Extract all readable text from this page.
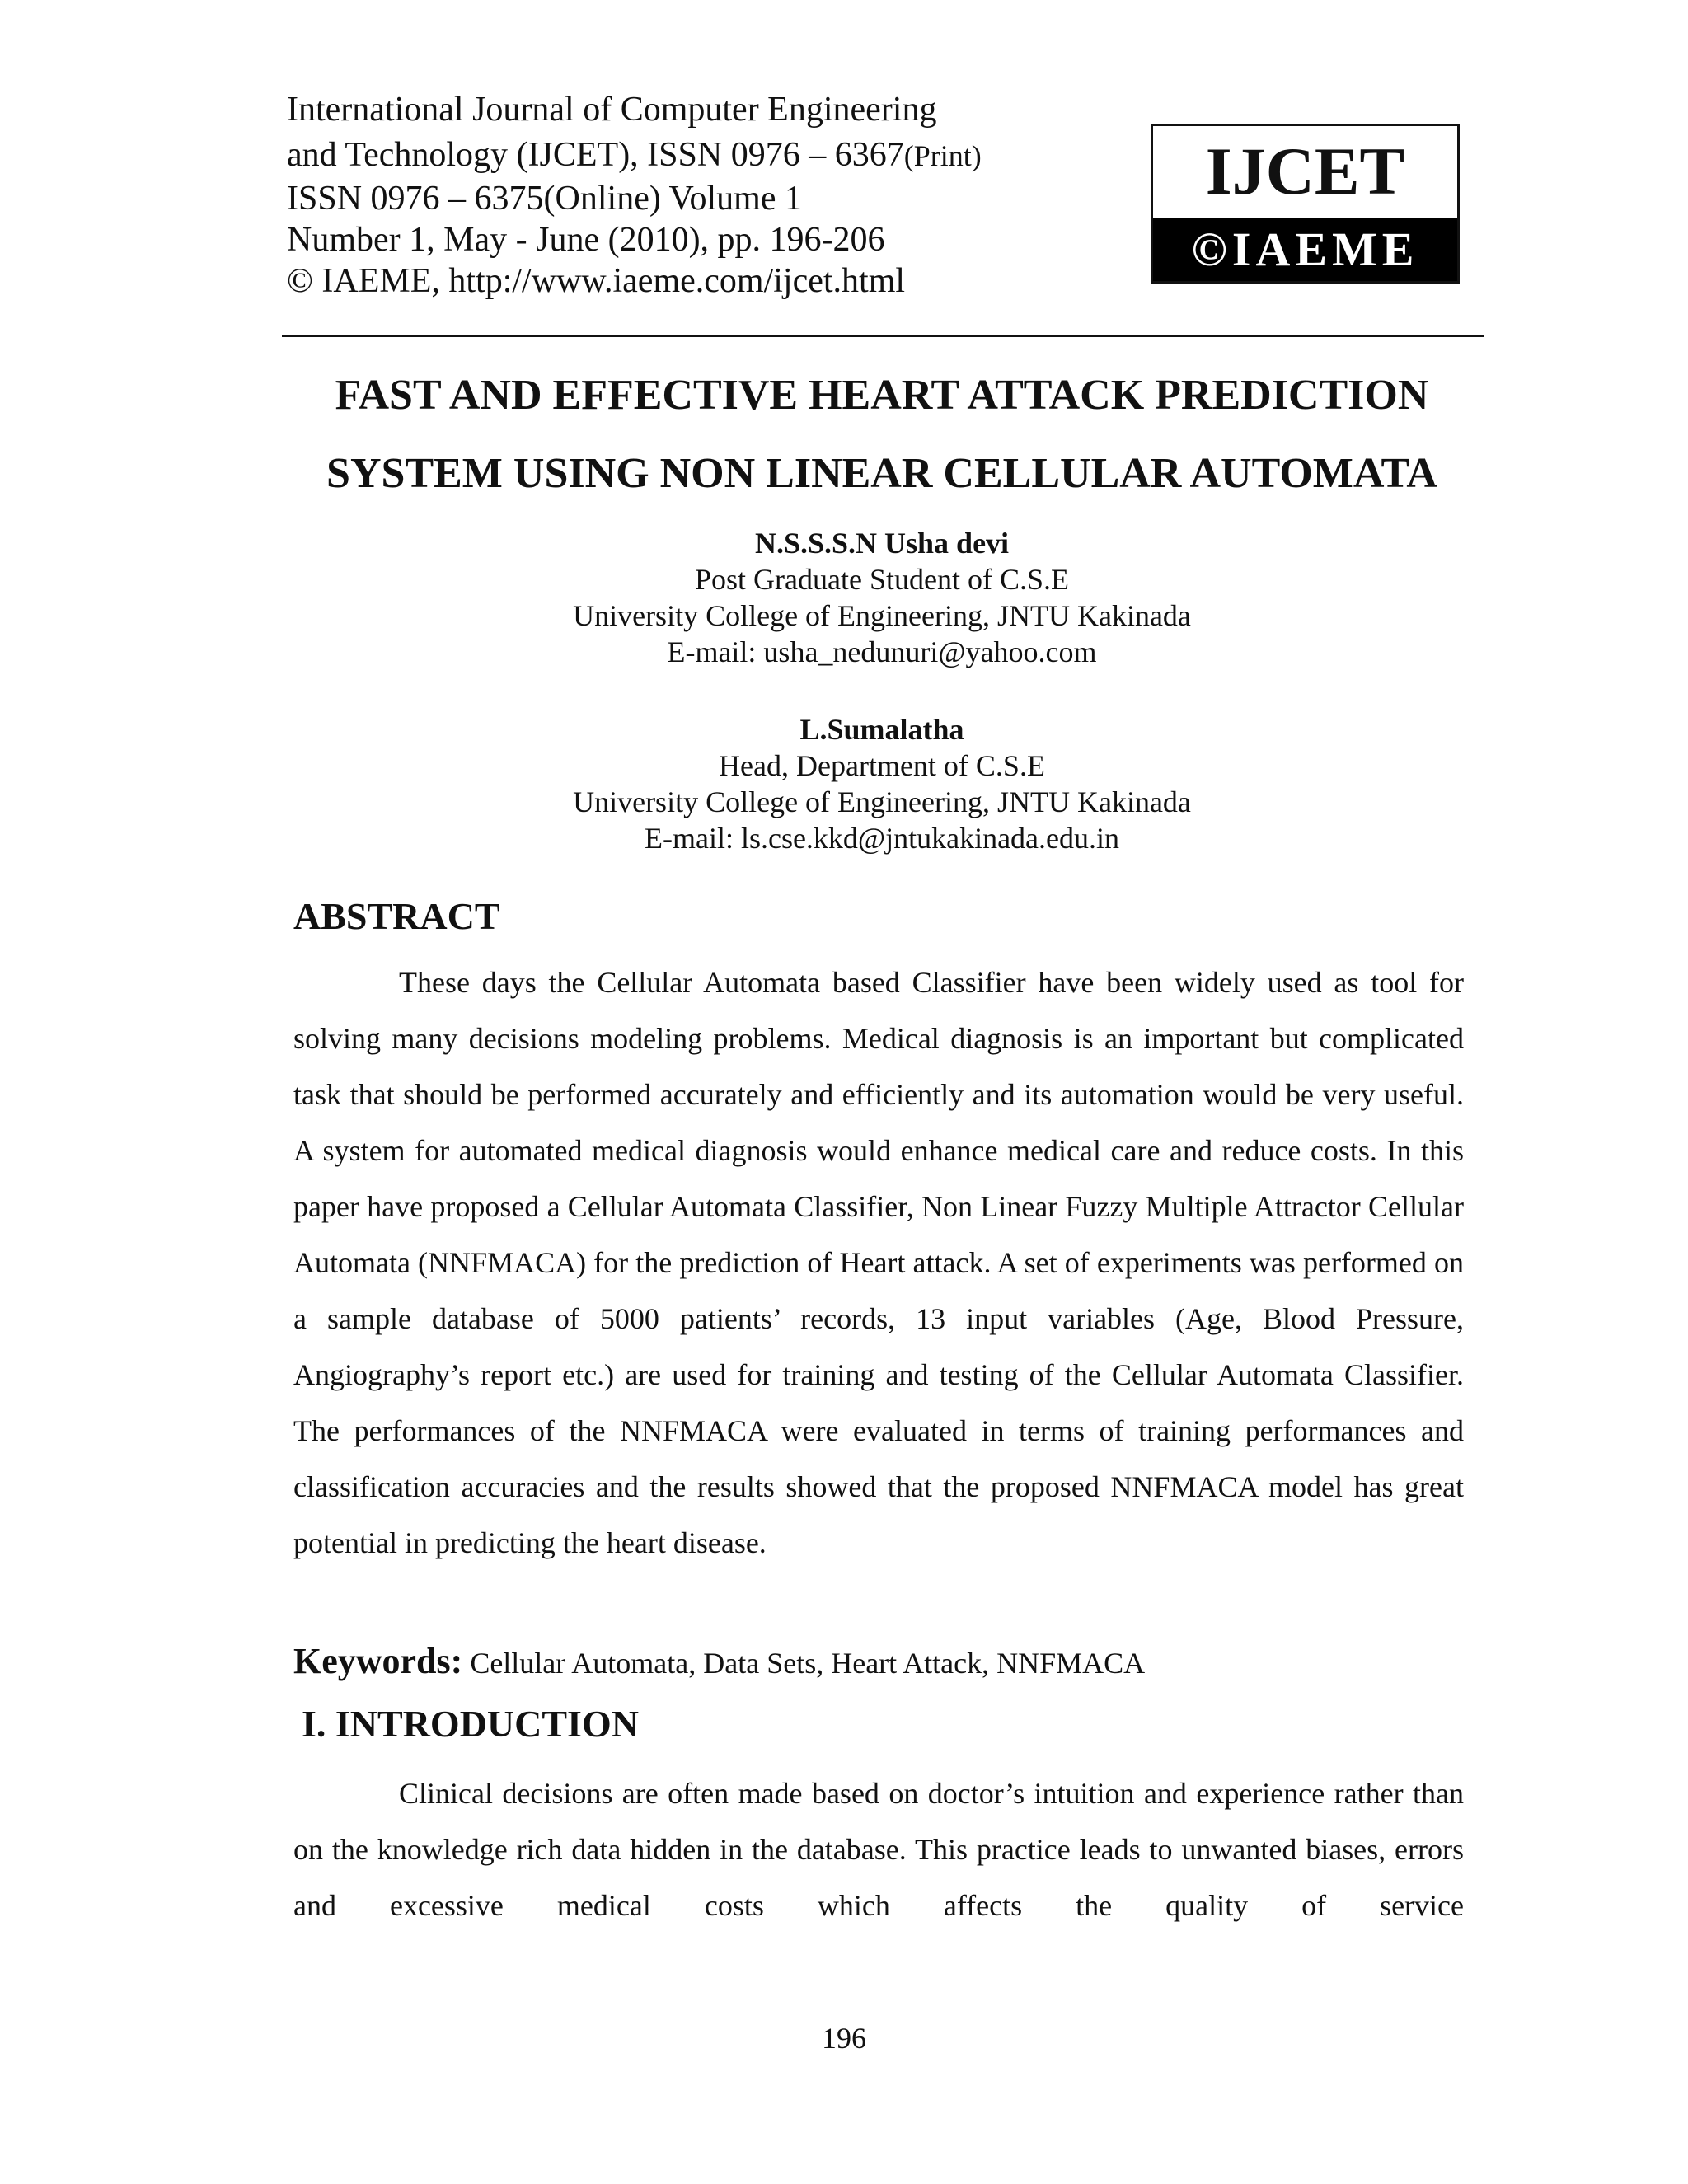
International Journal of Computer Engineering
and Technology (IJCET), ISSN 0976 – 6367(Print)
ISSN 0976 – 6375(Online) Volume 1
Number 1, May - June (2010), pp. 196-206
© IAEME, http://www.iaeme.com/ijcet.html
IJCET
©IAEME
FAST AND EFFECTIVE HEART ATTACK PREDICTION
SYSTEM USING NON LINEAR CELLULAR AUTOMATA
N.S.S.S.N Usha devi
Post Graduate Student of C.S.E
University College of Engineering, JNTU Kakinada
E-mail: usha_nedunuri@yahoo.com
L.Sumalatha
Head, Department of C.S.E
University College of Engineering, JNTU Kakinada
E-mail: ls.cse.kkd@jntukakinada.edu.in
ABSTRACT

These days the Cellular Automata based Classifier have been widely used as tool for solving many decisions modeling problems. Medical diagnosis is an important but complicated task that should be performed accurately and efficiently and its automation would be very useful. A system for automated medical diagnosis would enhance medical care and reduce costs. In this paper have proposed a Cellular Automata Classifier, Non Linear Fuzzy Multiple Attractor Cellular Automata (NNFMACA) for the prediction of Heart attack. A set of experiments was performed on a sample database of 5000 patients’ records, 13 input variables (Age, Blood Pressure, Angiography’s report etc.) are used for training and testing of the Cellular Automata Classifier. The performances of the NNFMACA were evaluated in terms of training performances and classification accuracies and the results showed that the proposed NNFMACA model has great potential in predicting the heart disease.

Keywords: Cellular Automata, Data Sets, Heart Attack, NNFMACA
I. INTRODUCTION

Clinical decisions are often made based on doctor’s intuition and experience rather than on the knowledge rich data hidden in the database. This practice leads to unwanted biases, errors and excessive medical costs which affects the quality of service

196
